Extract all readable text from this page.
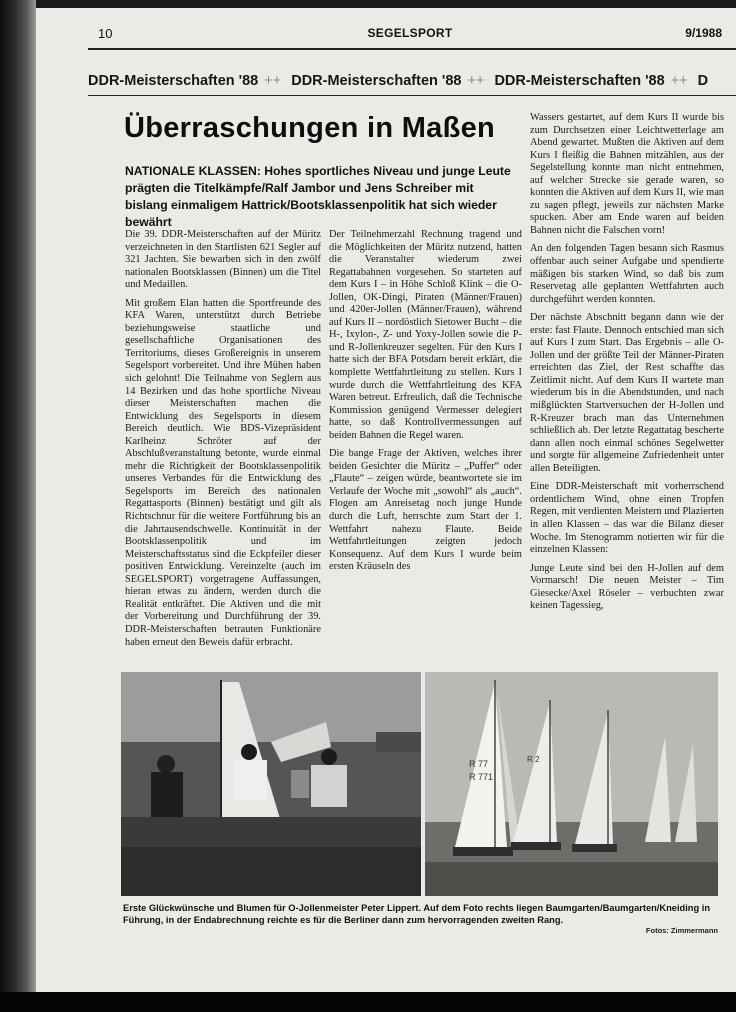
10	SEGELSPORT	9/1988
DDR-Meisterschaften '88 ++ DDR-Meisterschaften '88 ++ DDR-Meisterschaften '88 ++ D
Überraschungen in Maßen
NATIONALE KLASSEN: Hohes sportliches Niveau und junge Leute prägten die Titelkämpfe/Ralf Jambor und Jens Schreiber mit bislang einmaligem Hattrick/Bootsklassenpolitik hat sich wieder bewährt

Die 39. DDR-Meisterschaften auf der Müritz verzeichneten in den Startlisten 621 Segler auf 321 Jachten. Sie bewarben sich in den zwölf nationalen Bootsklassen (Binnen) um die Titel und Medaillen.

Mit großem Elan hatten die Sportfreunde des KFA Waren, unterstützt durch Betriebe beziehungsweise staatliche und gesellschaftliche Organisationen des Territoriums, dieses Großereignis in unserem Segelsport vorbereitet. Und ihre Mühen haben sich gelohnt! Die Teilnahme von Seglern aus 14 Bezirken und das hohe sportliche Niveau dieser Meisterschaften machen die Entwicklung des Segelsports in diesem Bereich deutlich. Wie BDS-Vizepräsident Karlheinz Schröter auf der Abschlußveranstaltung betonte, wurde einmal mehr die Richtigkeit der Bootsklassenpolitik unseres Verbandes für die Entwicklung des Segelsports im Bereich des nationalen Regattasports (Binnen) bestätigt und gilt als Richtschnur für die weitere Fortführung bis an die Jahrtausendschwelle. Kontinuität in der Bootsklassenpolitik und im Meisterschaftsstatus sind die Eckpfeiler dieser positiven Entwicklung. Vereinzelte (auch im SEGELSPORT) vorgetragene Auffassungen, hieran etwas zu ändern, werden durch die Realität entkräftet. Die Aktiven und die mit der Vorbereitung und Durchführung der 39. DDR-Meisterschaften betrauten Funktionäre haben erneut den Beweis dafür erbracht.

Der Teilnehmerzahl Rechnung tragend und die Möglichkeiten der Müritz nutzend, hatten die Veranstalter wiederum zwei Regattabahnen vorgesehen. So starteten auf dem Kurs I – in Höhe Schloß Klink – die O-Jollen, OK-Dingi, Piraten (Männer/Frauen) und 420er-Jollen (Männer/Frauen), während auf Kurs II – nordöstlich Sietower Bucht – die H-, Ixylon-, Z- und Yoxy-Jollen sowie die P- und R-Jollenkreuzer segelten. Für den Kurs I hatte sich der BFA Potsdam bereit erklärt, die komplette Wettfahrtleitung zu stellen. Kurs I wurde durch die Wettfahrtleitung des KFA Waren betreut. Erfreulich, daß die Technische Kommission genügend Vermesser delegiert hatte, so daß Kontrollvermessungen auf beiden Bahnen die Regel waren.

Die bange Frage der Aktiven, welches ihrer beiden Gesichter die Müritz – „Puffer“ oder „Flaute“ – zeigen würde, beantwortete sie im Verlaufe der Woche mit „sowohl“ als „auch“. Flogen am Anreisetag noch junge Hunde durch die Luft, herrschte zum Start der 1. Wettfahrt nahezu Flaute. Beide Wettfahrtleitungen zeigten jedoch Konsequenz. Auf dem Kurs I wurde beim ersten Kräuseln des

Wassers gestartet, auf dem Kurs II wurde bis zum Durchsetzen einer Leichtwetterlage am Abend gewartet. Mußten die Aktiven auf dem Kurs I fleißig die Bahnen mitzählen, aus der Segelstellung konnte man nicht entnehmen, auf welcher Strecke sie gerade waren, so konnten die Aktiven auf dem Kurs II, wie man zu sagen pflegt, jeweils zur nächsten Marke spucken. Aber am Ende waren auf beiden Bahnen nicht die Falschen vorn!

An den folgenden Tagen besann sich Rasmus offenbar auch seiner Aufgabe und spendierte mäßigen bis starken Wind, so daß bis zum Reservetag alle geplanten Wettfahrten auch durchgeführt werden konnten.

Der nächste Abschnitt begann dann wie der erste: fast Flaute. Dennoch entschied man sich auf Kurs I zum Start. Das Ergebnis – alle O-Jollen und der größte Teil der Männer-Piraten erreichten das Ziel, der Rest schaffte das Zeitlimit nicht. Auf dem Kurs II wartete man wiederum bis in die Abendstunden, und nach mißglückten Startversuchen der H-Jollen und R-Kreuzer brach man das Unternehmen schließlich ab. Der letzte Regattatag bescherte dann allen noch einmal schönes Segelwetter und sorgte für allgemeine Zufriedenheit unter allen Beteiligten.

Eine DDR-Meisterschaft mit vorherrschend ordentlichem Wind, ohne einen Tropfen Regen, mit verdienten Meistern und Plazierten in allen Klassen – das war die Bilanz dieser Woche. Im Stenogramm notierten wir für die einzelnen Klassen:

Junge Leute sind bei den H-Jollen auf dem Vormarsch! Die neuen Meister – Tim Giesecke/Axel Röseler – verbuchten zwar keinen Tagessieg,

R 77
R 771
R 2
Erste Glückwünsche und Blumen für O-Jollenmeister Peter Lippert. Auf dem Foto rechts liegen Baumgarten/Baumgarten/Kneiding in Führung, in der Endabrechnung reichte es für die Berliner dann zum hervorragenden zweiten Rang.
Fotos: Zimmermann
